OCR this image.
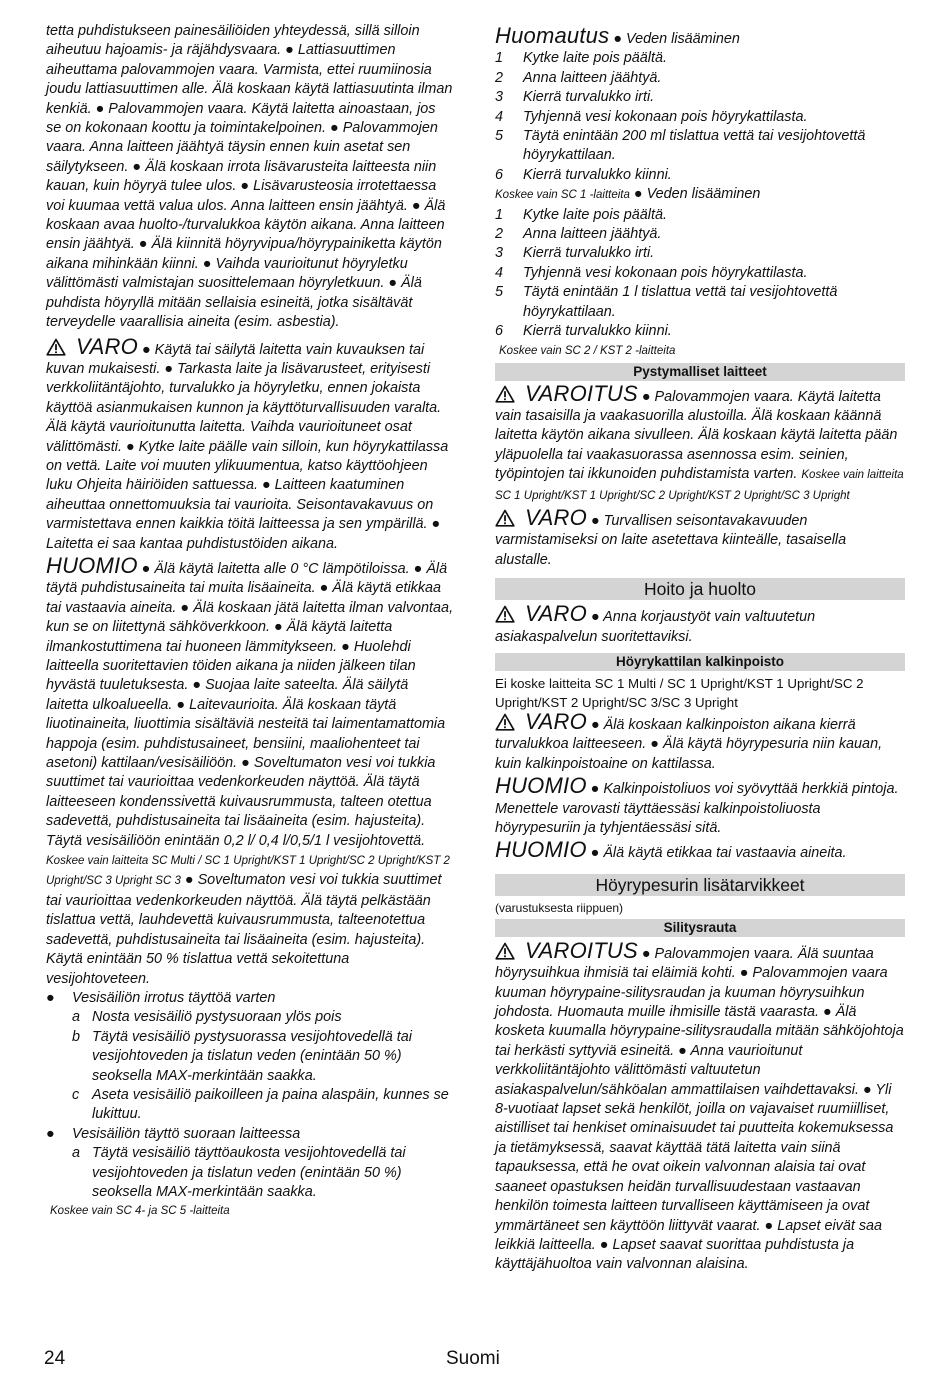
tetta puhdistukseen painesäiliöiden yhteydessä, sillä silloin aiheutuu hajoamis- ja räjähdysvaara. ● Lattiasuuttimen aiheuttama palovammojen vaara. Varmista, ettei ruumiinosia joudu lattiasuuttimen alle. Älä koskaan käytä lattiasuutinta ilman kenkiä. ● Palovammojen vaara. Käytä laitetta ainoastaan, jos se on kokonaan koottu ja toimintakelpoinen. ● Palovammojen vaara. Anna laitteen jäähtyä täysin ennen kuin asetat sen säilytykseen. ● Älä koskaan irrota lisävarusteita laitteesta niin kauan, kuin höyryä tulee ulos. ● Lisävarusteosia irrotettaessa voi kuumaa vettä valua ulos. Anna laitteen ensin jäähtyä. ● Älä koskaan avaa huolto-/turvalukkoa käytön aikana. Anna laitteen ensin jäähtyä. ● Älä kiinnitä höyryvipua/höyrypainiketta käytön aikana mihinkään kiinni. ● Vaihda vaurioitunut höyryletku välittömästi valmistajan suosittelemaan höyryletkuun. ● Älä puhdista höyryllä mitään sellaisia esineitä, jotka sisältävät terveydelle vaarallisia aineita (esim. asbestia).

VARO ● Käytä tai säilytä laitetta vain kuvauksen tai kuvan mukaisesti. ● Tarkasta laite ja lisävarusteet, erityisesti verkkoliitäntäjohto, turvalukko ja höyryletku, ennen jokaista käyttöä asianmukaisen kunnon ja käyttöturvallisuuden varalta. Älä käytä vaurioitunutta laitetta. Vaihda vaurioituneet osat välittömästi. ● Kytke laite päälle vain silloin, kun höyrykattilassa on vettä. Laite voi muuten ylikuumentua, katso käyttöohjeen luku Ohjeita häiriöiden sattuessa. ● Laitteen kaatuminen aiheuttaa onnettomuuksia tai vaurioita. Seisontavakavuus on varmistettava ennen kaikkia töitä laitteessa ja sen ympärillä. ● Laitetta ei saa kantaa puhdistustöiden aikana.

HUOMIO ● Älä käytä laitetta alle 0 °C lämpötiloissa. ● Älä täytä puhdistusaineita tai muita lisäaineita. ● Älä käytä etikkaa tai vastaavia aineita. ● Älä koskaan jätä laitetta ilman valvontaa, kun se on liitettynä sähköverkkoon. ● Älä käytä laitetta ilmankostuttimena tai huoneen lämmitykseen. ● Huolehdi laitteella suoritettavien töiden aikana ja niiden jälkeen tilan hyvästä tuuletuksesta. ● Suojaa laite sateelta. Älä säilytä laitetta ulkoalueella. ● Laitevaurioita. Älä koskaan täytä liuotinaineita, liuottimia sisältäviä nesteitä tai laimentamattomia happoja (esim. puhdistusaineet, bensiini, maaliohenteet tai asetoni) kattilaan/vesisäiliöön. ● Soveltumaton vesi voi tukkia suuttimet tai vaurioittaa vedenkorkeuden näyttöä. Älä täytä laitteeseen kondenssivettä kuivausrummusta, talteen otettua sadevettä, puhdistusaineita tai lisäaineita (esim. hajusteita). Täytä vesisäiliöön enintään 0,2 l/ 0,4 l/0,5/1 l vesijohtovettä. Koskee vain laitteita SC Multi / SC 1 Upright/KST 1 Upright/SC 2 Upright/KST 2 Upright/SC 3 Upright SC 3 ● Soveltumaton vesi voi tukkia suuttimet tai vaurioittaa vedenkorkeuden näyttöä. Älä täytä pelkästään tislattua vettä, lauhdevettä kuivausrummusta, talteenotettua sadevettä, puhdistusaineita tai lisäaineita (esim. hajusteita). Käytä enintään 50 % tislattua vettä sekoitettuna vesijohtoveteen.

●	Vesisäiliön irrotus täyttöä varten
a Nosta vesisäiliö pystysuoraan ylös pois
b Täytä vesisäiliö pystysuorassa vesijohtovedellä tai vesijohtoveden ja tislatun veden (enintään 50 %) seoksella MAX-merkintään saakka.
c Aseta vesisäiliö paikoilleen ja paina alaspäin, kunnes se lukittuu.
●	Vesisäiliön täyttö suoraan laitteessa
a Täytä vesisäiliö täyttöaukosta vesijohtovedellä tai vesijohtoveden ja tislatun veden (enintään 50 %) seoksella MAX-merkintään saakka.

Koskee vain SC 4- ja SC 5 -laitteita

Huomautus ● Veden lisääminen

1	Kytke laite pois päältä.
2	Anna laitteen jäähtyä.
3	Kierrä turvalukko irti.
4	Tyhjennä vesi kokonaan pois höyrykattilasta.
5	Täytä enintään 200 ml tislattua vettä tai vesijohtovettä höyrykattilaan.
6	Kierrä turvalukko kiinni.

Koskee vain SC 1 -laitteita ● Veden lisääminen

1	Kytke laite pois päältä.
2	Anna laitteen jäähtyä.
3	Kierrä turvalukko irti.
4	Tyhjennä vesi kokonaan pois höyrykattilasta.
5	Täytä enintään 1 l tislattua vettä tai vesijohtovettä höyrykattilaan.
6	Kierrä turvalukko kiinni.

Koskee vain SC 2 / KST 2 -laitteita

Pystymalliset laitteet

VAROITUS ● Palovammojen vaara. Käytä laitetta vain tasaisilla ja vaakasuorilla alustoilla. Älä koskaan käännä laitetta käytön aikana sivulleen. Älä koskaan käytä laitetta pään yläpuolella tai vaakasuorassa asennossa esim. seinien, työpintojen tai ikkunoiden puhdistamista varten. Koskee vain laitteita SC 1 Upright/KST 1 Upright/SC 2 Upright/KST 2 Upright/SC 3 Upright

VARO ● Turvallisen seisontavakavuuden varmistamiseksi on laite asetettava kiinteälle, tasaisella alustalle.

Hoito ja huolto

VARO ● Anna korjaustyöt vain valtuutetun asiakaspalvelun suoritettaviksi.

Höyrykattilan kalkinpoisto

Ei koske laitteita SC 1 Multi / SC 1 Upright/KST 1 Upright/SC 2 Upright/KST 2 Upright/SC 3/SC 3 Upright

VARO ● Älä koskaan kalkinpoiston aikana kierrä turvalukkoa laitteeseen. ● Älä käytä höyrypesuria niin kauan, kuin kalkinpoistoaine on kattilassa.

HUOMIO ● Kalkinpoistoliuos voi syövyttää herkkiä pintoja. Menettele varovasti täyttäessäsi kalkinpoistoliuosta höyrypesuriin ja tyhjentäessäsi sitä.

HUOMIO ● Älä käytä etikkaa tai vastaavia aineita.

Höyrypesurin lisätarvikkeet

(varustuksesta riippuen)

Silitysrauta

VAROITUS ● Palovammojen vaara. Älä suuntaa höyrysuihkua ihmisiä tai eläimiä kohti. ● Palovammojen vaara kuuman höyrypaine-silitysraudan ja kuuman höyrysuihkun johdosta. Huomauta muille ihmisille tästä vaarasta. ● Älä kosketa kuumalla höyrypaine-silitysraudalla mitään sähköjohtoja tai herkästi syttyviä esineitä. ● Anna vaurioitunut verkkoliitäntäjohto välittömästi valtuutetun asiakaspalvelun/sähköalan ammattilaisen vaihdettavaksi. ● Yli 8-vuotiaat lapset sekä henkilöt, joilla on vajavaiset ruumiilliset, aistilliset tai henkiset ominaisuudet tai puutteita kokemuksessa ja tietämyksessä, saavat käyttää tätä laitetta vain siinä tapauksessa, että he ovat oikein valvonnan alaisia tai ovat saaneet opastuksen heidän turvallisuudestaan vastaavan henkilön toimesta laitteen turvalliseen käyttämiseen ja ovat ymmärtäneet sen käyttöön liittyvät vaarat. ● Lapset eivät saa leikkiä laitteella. ● Lapset saavat suorittaa puhdistusta ja käyttäjähuoltoa vain valvonnan alaisina.

24	Suomi
